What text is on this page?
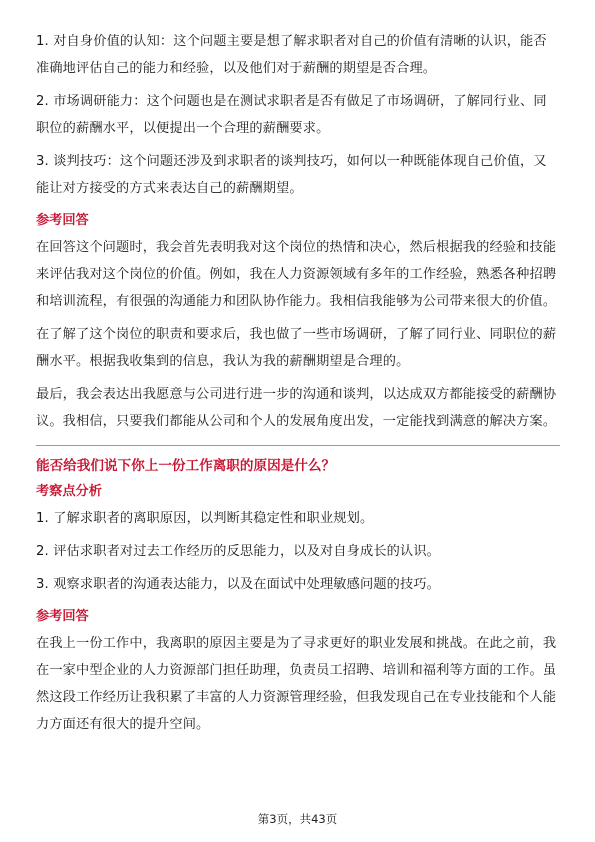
1. 对自身价值的认知：这个问题主要是想了解求职者对自己的价值有清晰的认识，能否准确地评估自己的能力和经验，以及他们对于薪酬的期望是否合理。

2. 市场调研能力：这个问题也是在测试求职者是否有做足了市场调研，了解同行业、同职位的薪酬水平，以便提出一个合理的薪酬要求。

3. 谈判技巧：这个问题还涉及到求职者的谈判技巧，如何以一种既能体现自己价值，又能让对方接受的方式来表达自己的薪酬期望。

参考回答

在回答这个问题时，我会首先表明我对这个岗位的热情和决心，然后根据我的经验和技能来评估我对这个岗位的价值。例如，我在人力资源领域有多年的工作经验，熟悉各种招聘和培训流程，有很强的沟通能力和团队协作能力。我相信我能够为公司带来很大的价值。

在了解了这个岗位的职责和要求后，我也做了一些市场调研，了解了同行业、同职位的薪酬水平。根据我收集到的信息，我认为我的薪酬期望是合理的。

最后，我会表达出我愿意与公司进行进一步的沟通和谈判，以达成双方都能接受的薪酬协议。我相信，只要我们都能从公司和个人的发展角度出发，一定能找到满意的解决方案。

能否给我们说下你上一份工作离职的原因是什么？
考察点分析

1. 了解求职者的离职原因，以判断其稳定性和职业规划。

2. 评估求职者对过去工作经历的反思能力，以及对自身成长的认识。

3. 观察求职者的沟通表达能力，以及在面试中处理敏感问题的技巧。

参考回答

在我上一份工作中，我离职的原因主要是为了寻求更好的职业发展和挑战。在此之前，我在一家中型企业的人力资源部门担任助理，负责员工招聘、培训和福利等方面的工作。虽然这段工作经历让我积累了丰富的人力资源管理经验，但我发现自己在专业技能和个人能力方面还有很大的提升空间。

第3页，共43页
